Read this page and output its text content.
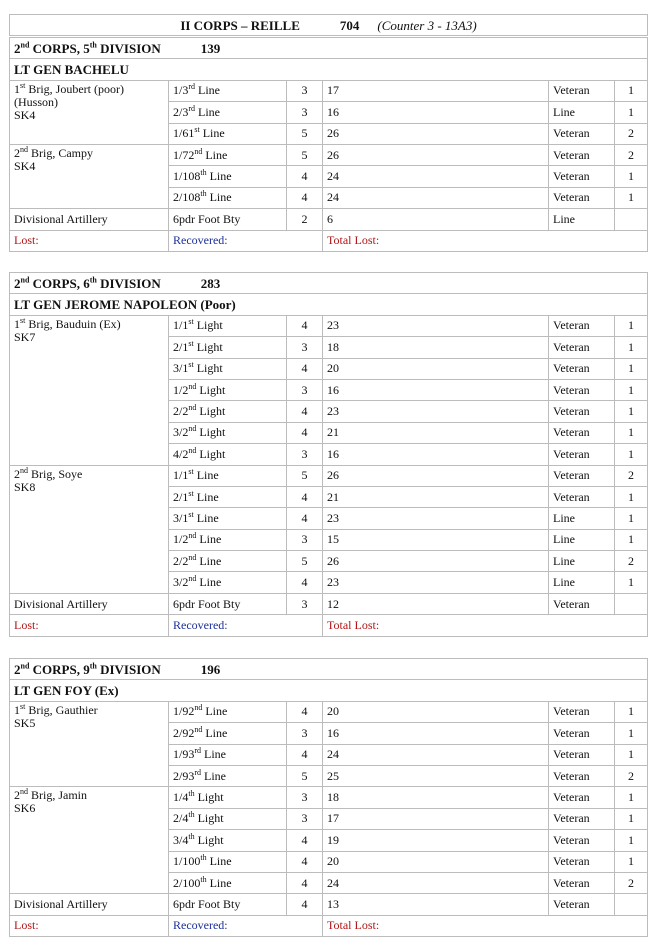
II CORPS – REILLE	704 (Counter 3 - 13A3)
2nd CORPS, 5th DIVISION 139					
LT GEN BACHELU					
1st Brig, Joubert (poor)
(Husson)
SK4	1/3rd Line	3	17	Veteran	1
	2/3rd Line	3	16	Line	1
	1/61st Line	5	26	Veteran	2
2nd Brig, Campy
SK4	1/72nd Line	5	26	Veteran	2
	1/108th Line	4	24	Veteran	1
	2/108th Line	4	24	Veteran	1
Divisional Artillery	6pdr Foot Bty	2	6	Line	
Lost:	Recovered:		Total Lost:		
2nd CORPS, 6th DIVISION 283					
LT GEN JEROME NAPOLEON (Poor)					
1st Brig, Bauduin (Ex)
SK7	1/1st Light	4	23	Veteran	1
	2/1st Light	3	18	Veteran	1
	3/1st Light	4	20	Veteran	1
	1/2nd Light	3	16	Veteran	1
	2/2nd Light	4	23	Veteran	1
	3/2nd Light	4	21	Veteran	1
	4/2nd Light	3	16	Veteran	1
2nd Brig, Soye
SK8	1/1st Line	5	26	Veteran	2
	2/1st Line	4	21	Veteran	1
	3/1st Line	4	23	Line	1
	1/2nd Line	3	15	Line	1
	2/2nd Line	5	26	Line	2
	3/2nd Line	4	23	Line	1
Divisional Artillery	6pdr Foot Bty	3	12	Veteran	
Lost:	Recovered:		Total Lost:		
2nd CORPS, 9th DIVISION 196					
LT GEN FOY (Ex)					
1st Brig, Gauthier
SK5	1/92nd Line	4	20	Veteran	1
	2/92nd Line	3	16	Veteran	1
	1/93rd Line	4	24	Veteran	1
	2/93rd Line	5	25	Veteran	2
2nd Brig, Jamin
SK6	1/4th Light	3	18	Veteran	1
	2/4th Light	3	17	Veteran	1
	3/4th Light	4	19	Veteran	1
	1/100th Line	4	20	Veteran	1
	2/100th Line	4	24	Veteran	2
Divisional Artillery	6pdr Foot Bty	4	13	Veteran	
Lost:	Recovered:		Total Lost:		
